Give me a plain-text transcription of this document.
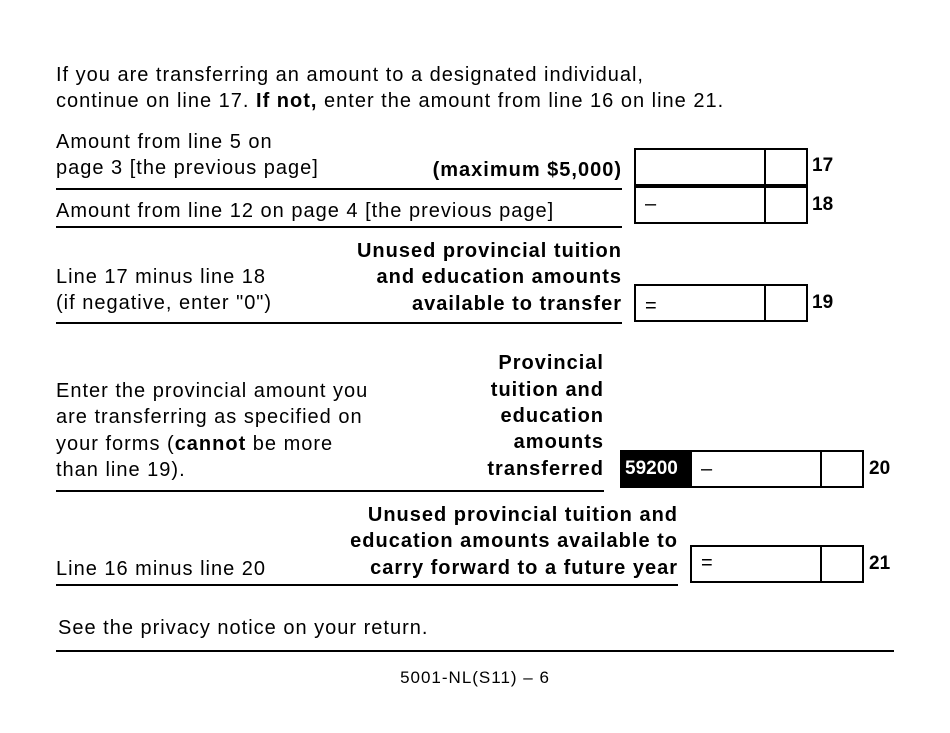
If you are transferring an amount to a designated individual,
continue on line 17. If not, enter the amount from line 16 on line 21.
Amount from line 5 on
page 3 [the previous page]	(maximum $5,000)	17
Amount from line 12 on page 4 [the previous page]	–	18
Line 17 minus line 18
(if negative, enter "0")
Unused provincial tuition
and education amounts
available to transfer =	19
Enter the provincial amount you
are transferring as specified on
your forms (cannot be more
than line 19).
Provincial
tuition and
education
amounts
transferred 59200	–	20
Line 16 minus line 20
Unused provincial tuition and
education amounts available to
carry forward to a future year =	21
See the privacy notice on your return.
5001-NL(S11) – 6
